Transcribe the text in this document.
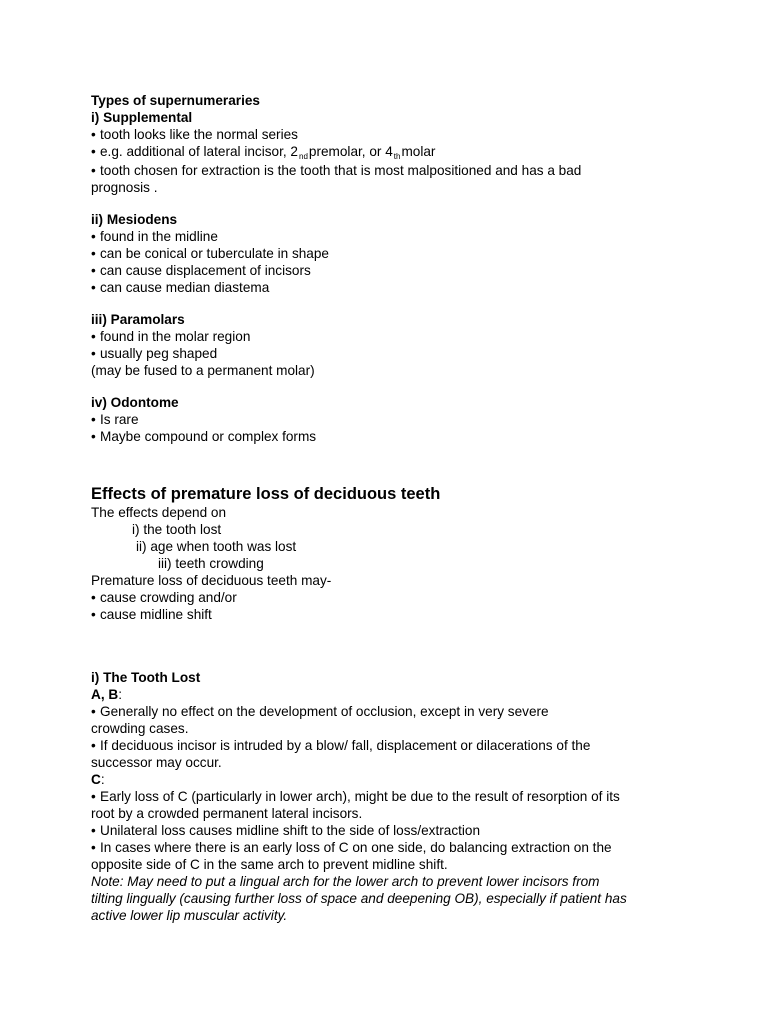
Types of supernumeraries
i) Supplemental
• tooth looks like the normal series
• e.g. additional of lateral incisor, $2_{nd}premolar$, or $4_{th}molar$
• tooth chosen for extraction is the tooth that is most malpositioned and has a bad
prognosis .
ii) Mesiodens
• found in the midline
• can be conical or tuberculate in shape
• can cause displacement of incisors
• can cause median diastema
iii) Paramolars
• found in the molar region
• usually peg shaped
(may be fused to a permanent molar)
iv) Odontome
• Is rare
• Maybe compound or complex forms
Effects of premature loss of deciduous teeth
The effects depend on
i) the tooth lost
ii) age when tooth was lost
iii) teeth crowding
Premature loss of deciduous teeth may-
• cause crowding and/or
• cause midline shift
i) The Tooth Lost
A, B:
• Generally no effect on the development of occlusion, except in very severe
crowding cases.
• If deciduous incisor is intruded by a blow/ fall, displacement or dilacerations of the
successor may occur.
C:
• Early loss of C (particularly in lower arch), might be due to the result of resorption of its
root by a crowded permanent lateral incisors.
• Unilateral loss causes midline shift to the side of loss/extraction
• In cases where there is an early loss of C on one side, do balancing extraction on the
opposite side of C in the same arch to prevent midline shift.
Note: May need to put a lingual arch for the lower arch to prevent lower incisors from
tilting lingually (causing further loss of space and deepening OB), especially if patient has
active lower lip muscular activity.
